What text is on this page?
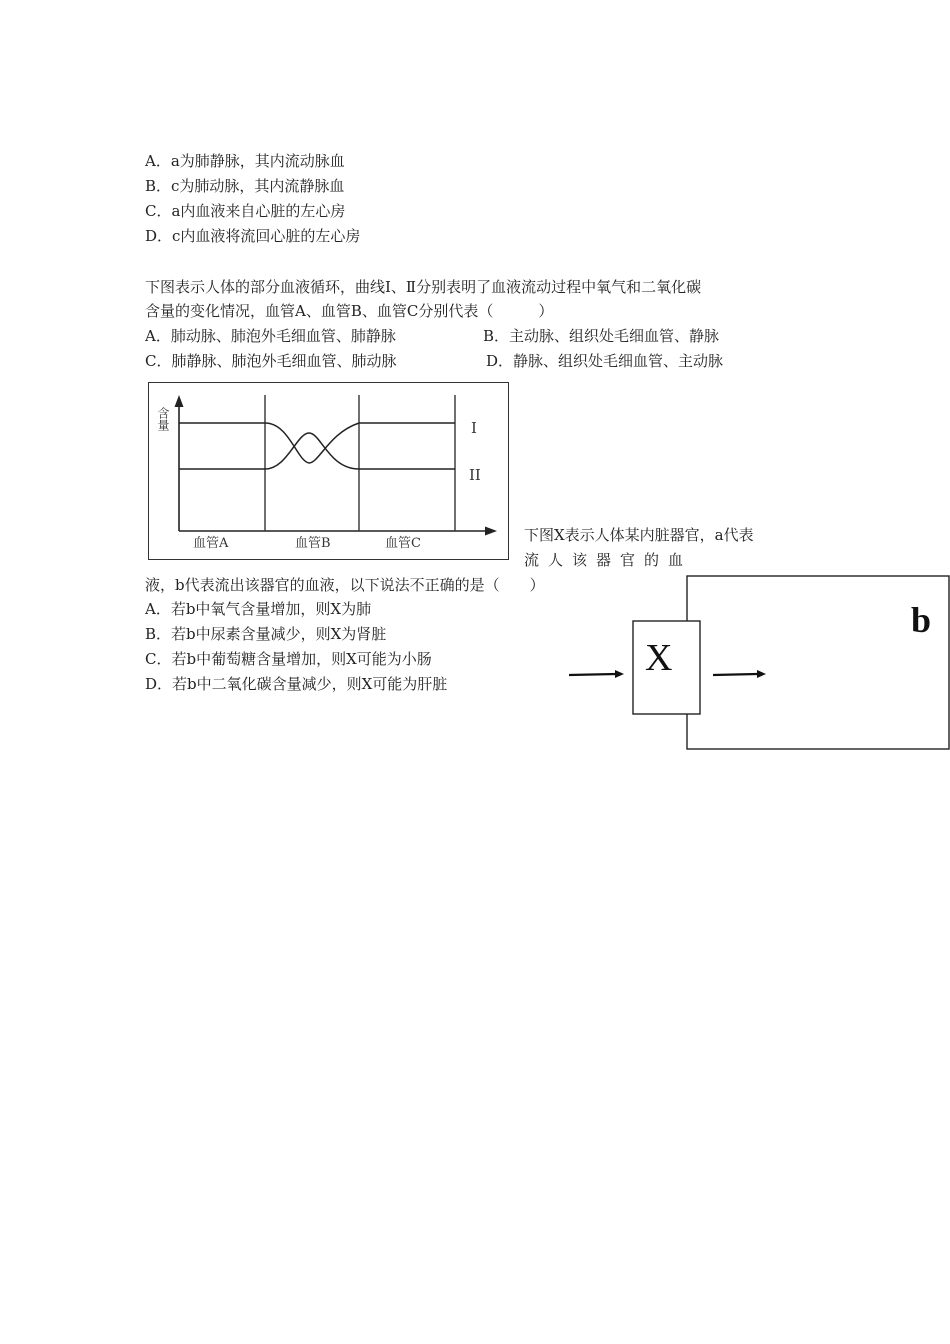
A．a为肺静脉，其内流动脉血
B．c为肺动脉，其内流静脉血
C．a内血液来自心脏的左心房
D．c内血液将流回心脏的左心房
下图表示人体的部分血液循环，曲线Ⅰ、Ⅱ分别表明了血液流动过程中氧气和二氧化碳
含量的变化情况，血管A、血管B、血管C分别代表（　　　）
A．肺动脉、肺泡外毛细血管、肺静脉	B．主动脉、组织处毛细血管、静脉
C．肺静脉、肺泡外毛细血管、肺动脉	D．静脉、组织处毛细血管、主动脉
含量	I
II
血管A	血管B	血管C	下图X表示人体某内脏器官，a代表
流人该器官的血
液，b代表流出该器官的血液，以下说法不正确的是（　　）
A．若b中氧气含量增加，则X为肺
B．若b中尿素含量减少，则X为肾脏
C．若b中葡萄糖含量增加，则X可能为小肠
D．若b中二氧化碳含量减少，则X可能为肝脏
X
b
